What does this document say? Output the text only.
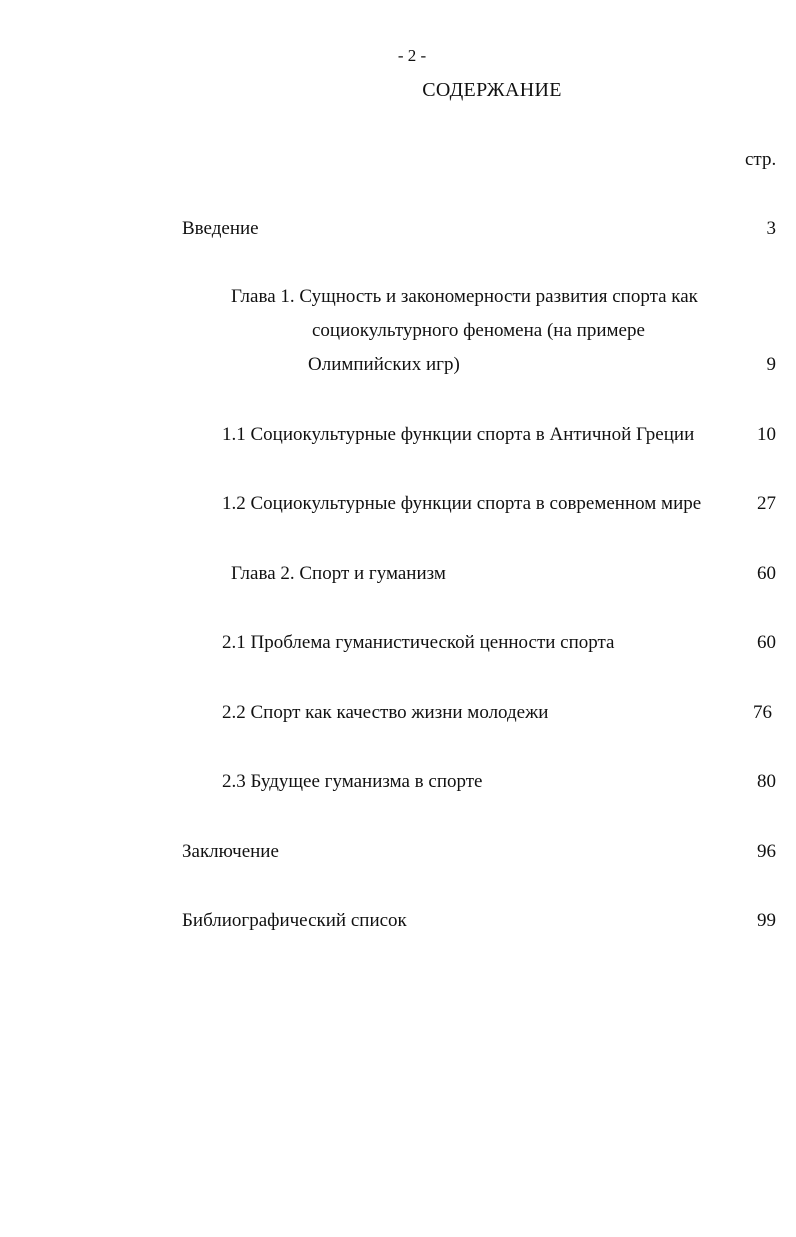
- 2 -
СОДЕРЖАНИЕ
стр.
Введение	3
Глава 1. Сущность и закономерности развития спорта как
социокультурного феноменa (на примере
Олимпийских игр)	9
1.1 Социокультурные функции спорта в Античной Греции	10
1.2 Социокультурные функции спорта в современном мире	27
Глава 2. Спорт и гуманизм	60
2.1 Проблема гуманистической ценности спорта	60
2.2 Спорт как качество жизни молодежи	76
2.3 Будущее гуманизма в спорте	80
Заключение	96
Библиографический список	99
